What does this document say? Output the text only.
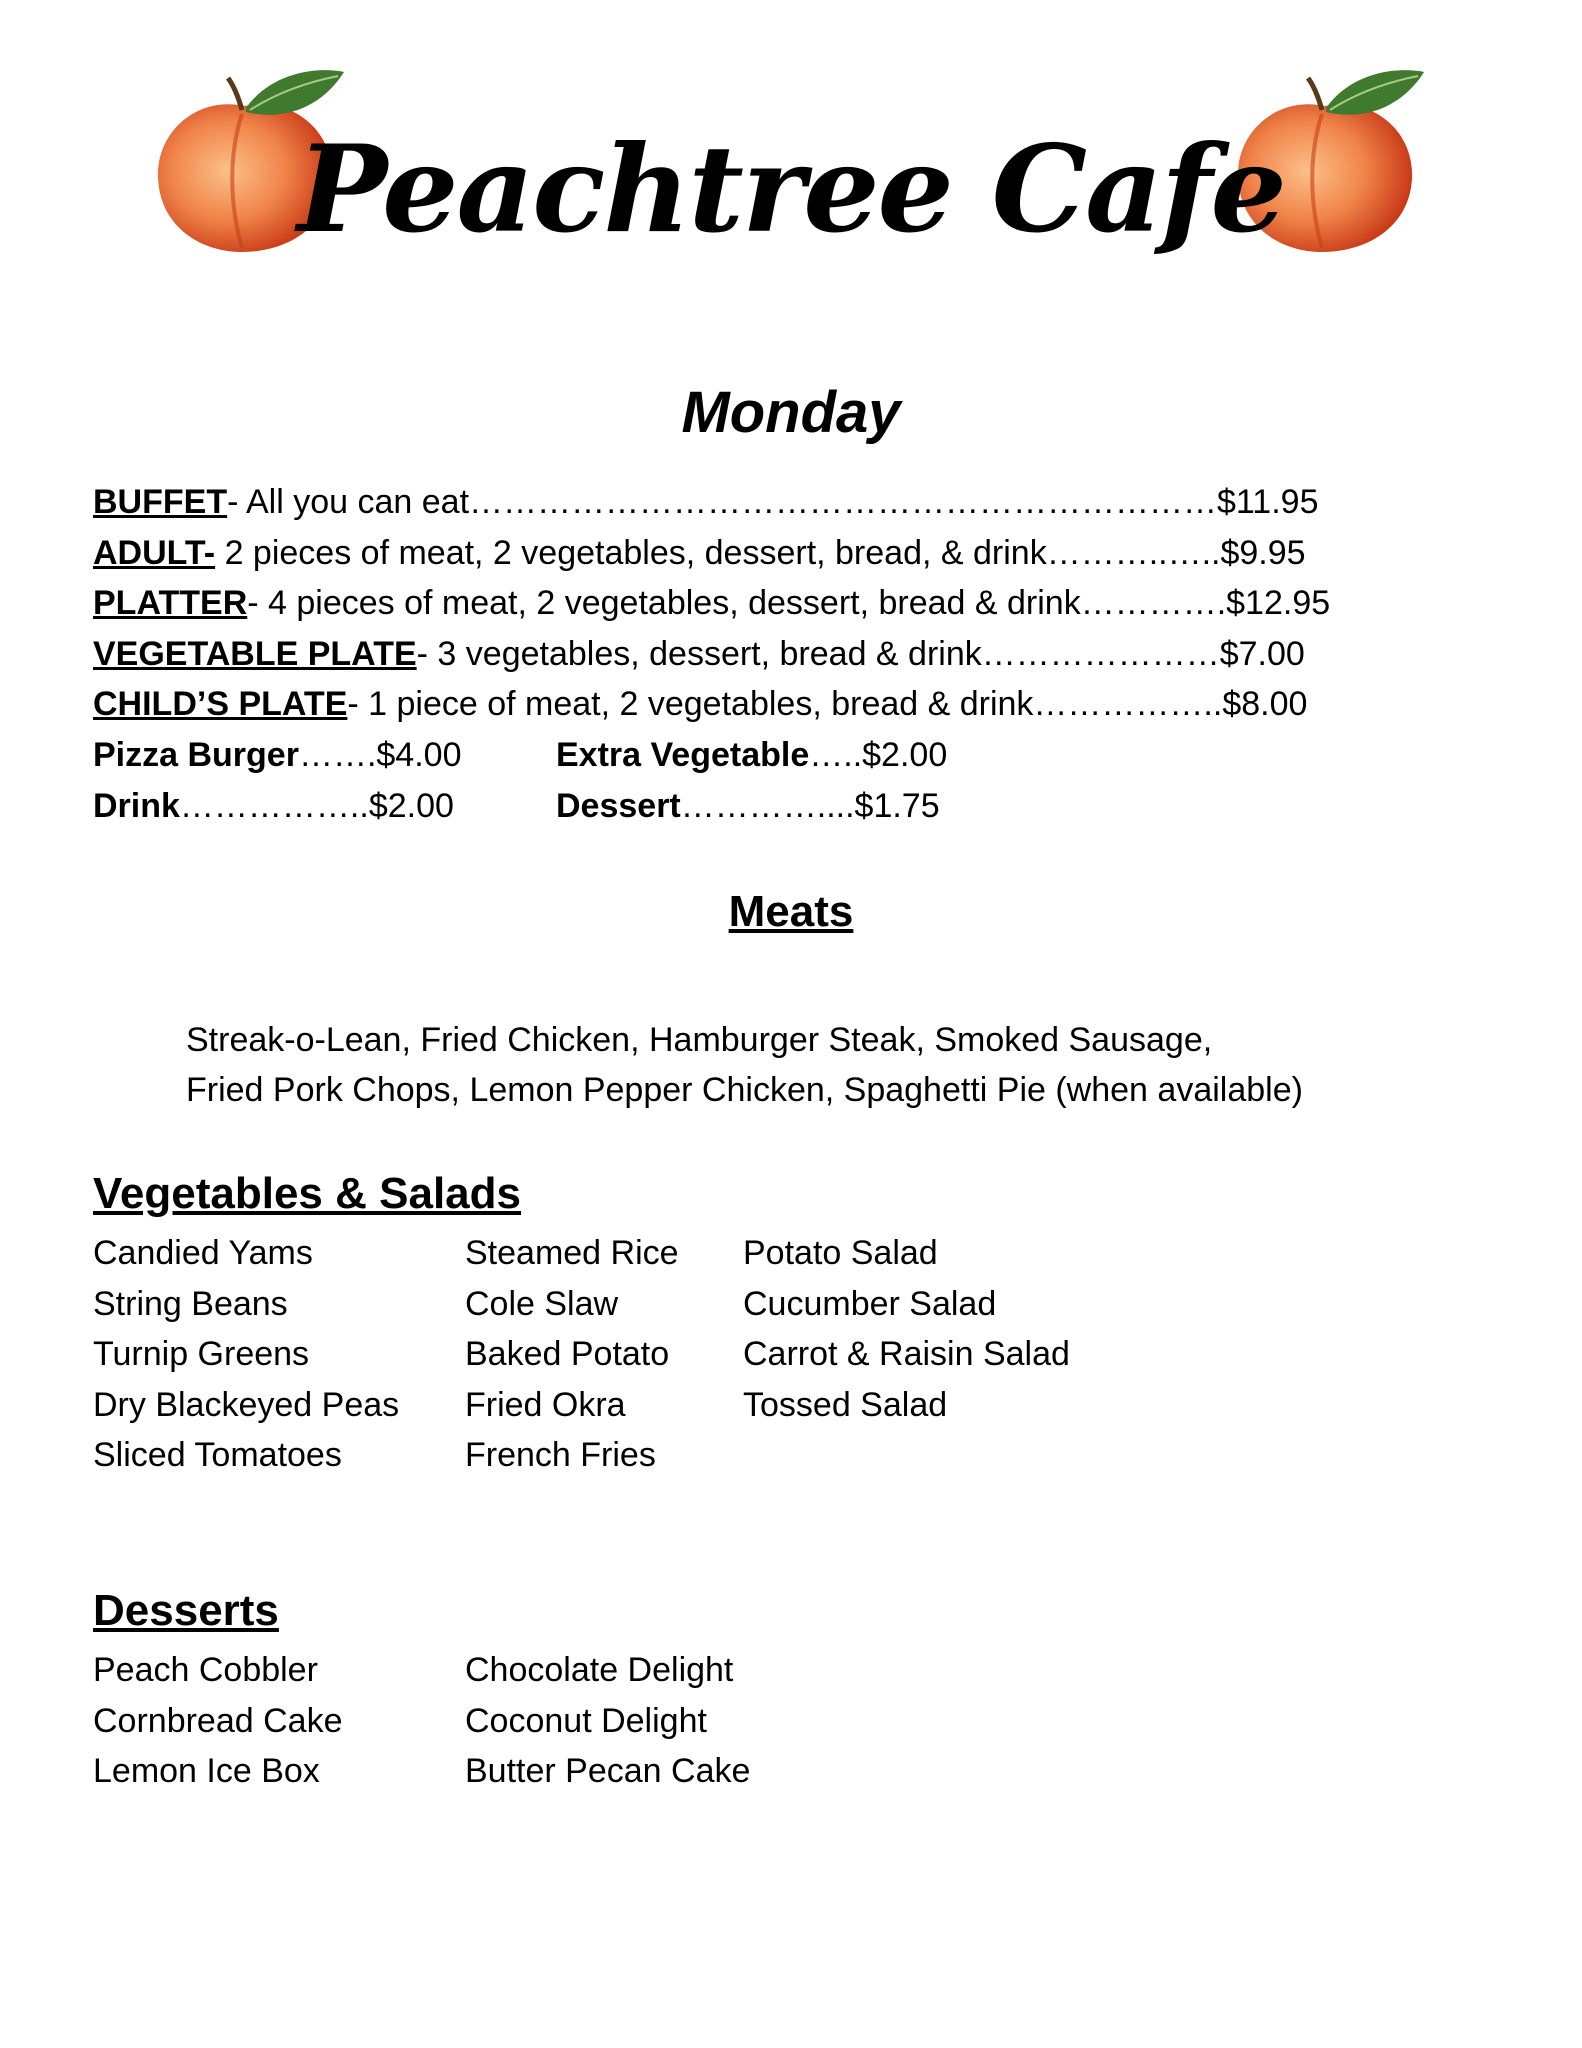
Peachtree Cafe
Monday
BUFFET- All you can eat…………………………………………………………$11.95
ADULT- 2 pieces of meat, 2 vegetables, dessert, bread, & drink………..…..$9.95
PLATTER- 4 pieces of meat, 2 vegetables, dessert, bread & drink………….$12.95
VEGETABLE PLATE- 3 vegetables, dessert, bread & drink…………………$7.00
CHILD’S PLATE- 1 piece of meat, 2 vegetables, bread & drink……………..$8.00
Pizza Burger…….$4.00	Extra Vegetable…..$2.00
Drink……………..$2.00	Dessert…………....$1.75
Meats
Streak-o-Lean, Fried Chicken, Hamburger Steak, Smoked Sausage,
Fried Pork Chops, Lemon Pepper Chicken, Spaghetti Pie (when available)
Vegetables & Salads
Candied Yams
String Beans
Turnip Greens
Dry Blackeyed Peas
Sliced Tomatoes
Steamed Rice
Cole Slaw
Baked Potato
Fried Okra
French Fries
Potato Salad
Cucumber Salad
Carrot & Raisin Salad
Tossed Salad
Desserts
Peach Cobbler
Cornbread Cake
Lemon Ice Box
Chocolate Delight
Coconut Delight
Butter Pecan Cake
